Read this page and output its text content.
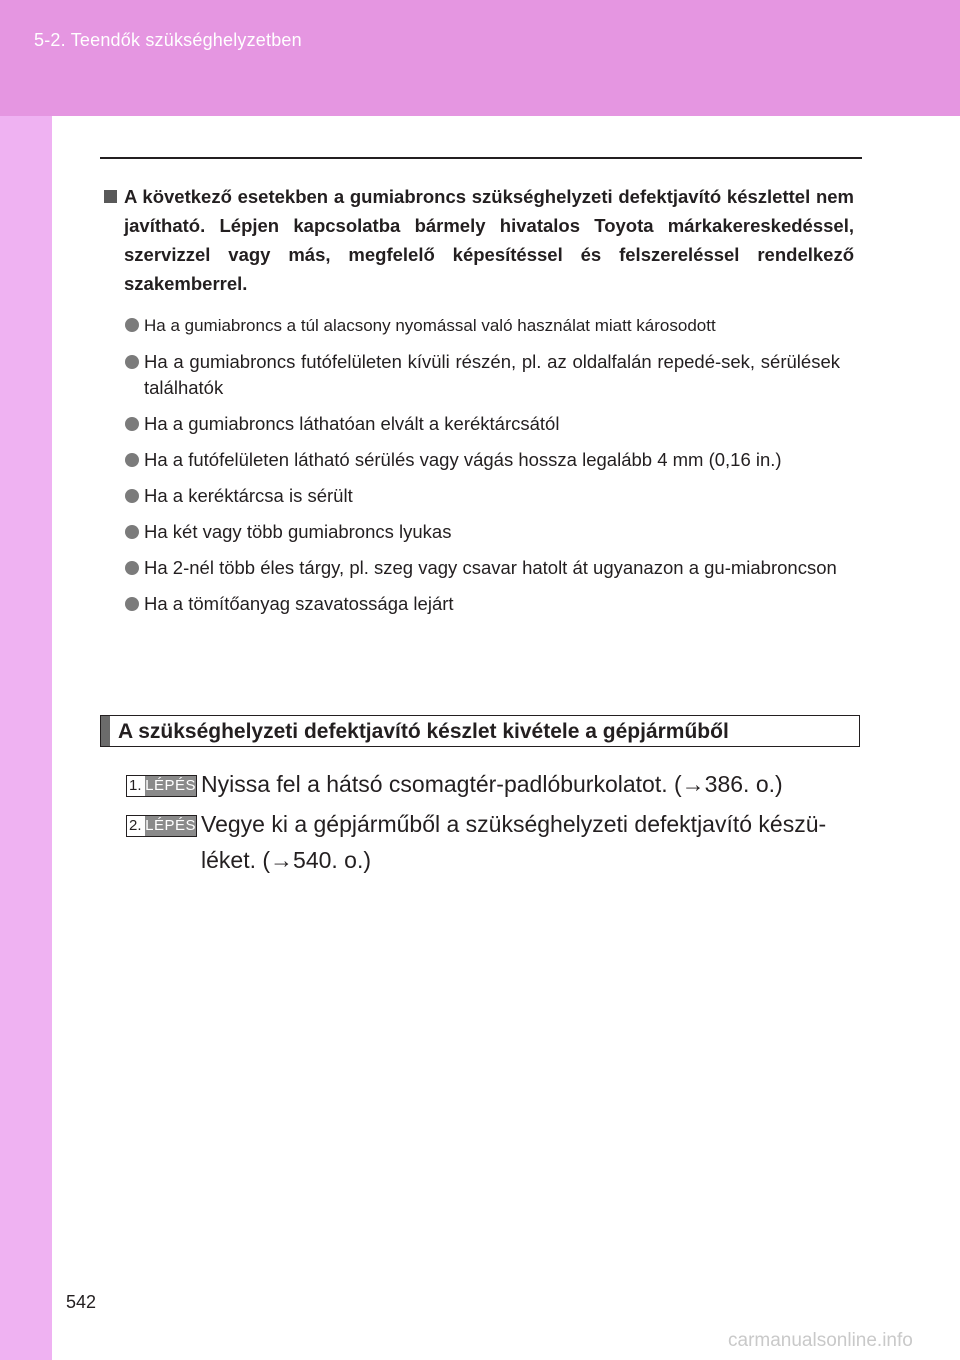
5-2. Teendők szükséghelyzetben

A következő esetekben a gumiabroncs szükséghelyzeti defektjavító készlettel nem javítható. Lépjen kapcsolatba bármely hivatalos Toyota márkakereskedéssel, szervizzel vagy más, megfelelő képesítéssel és felszereléssel rendelkező szakemberrel.

Ha a gumiabroncs a túl alacsony nyomással való használat miatt károsodott
Ha a gumiabroncs futófelületen kívüli részén, pl. az oldalfalán repedé-sek, sérülések találhatók
Ha a gumiabroncs láthatóan elvált a keréktárcsától
Ha a futófelületen látható sérülés vagy vágás hossza legalább 4 mm (0,16 in.)
Ha a keréktárcsa is sérült
Ha két vagy több gumiabroncs lyukas
Ha 2-nél több éles tárgy, pl. szeg vagy csavar hatolt át ugyanazon a gu-miabroncson
Ha a tömítőanyag szavatossága lejárt
A szükséghelyzeti defektjavító készlet kivétele a gépjárműből
1. LÉPÉS Nyissa fel a hátsó csomagtér-padlóburkolatot. (→386. o.)
2. LÉPÉS Vegye ki a gépjárműből a szükséghelyzeti defektjavító készü-léket. (→540. o.)
542
carmanualsonline.info
